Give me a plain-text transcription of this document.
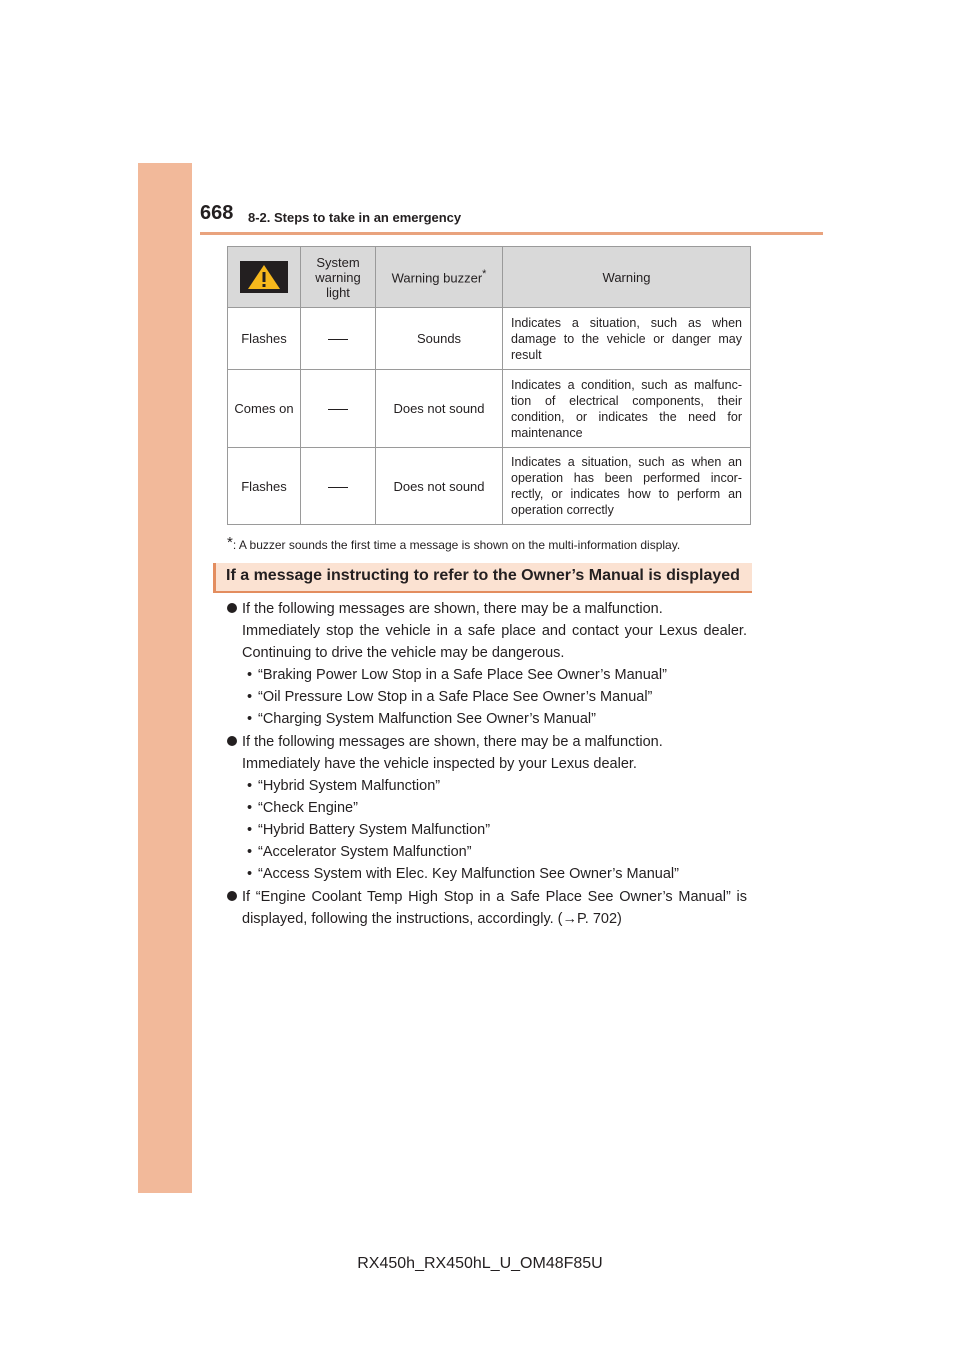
668 8-2. Steps to take in an emergency
	System warning light	Warning buzzer*	Warning
Flashes		Sounds	Indicates a situation, such as when damage to the vehicle or danger may result
Comes on		Does not sound	Indicates a condition, such as malfunc- tion of electrical components, their condition, or indicates the need for maintenance
Flashes		Does not sound	Indicates a situation, such as when an operation has been performed incor- rectly, or indicates how to perform an operation correctly
*: A buzzer sounds the first time a message is shown on the multi-information display.
If a message instructing to refer to the Owner’s Manual is displayed
If the following messages are shown, there may be a malfunction.
Immediately stop the vehicle in a safe place and contact your Lexus dealer. Continuing to drive the vehicle may be dangerous.
• “Braking Power Low Stop in a Safe Place See Owner’s Manual”
• “Oil Pressure Low Stop in a Safe Place See Owner’s Manual”
• “Charging System Malfunction See Owner’s Manual”
If the following messages are shown, there may be a malfunction.
Immediately have the vehicle inspected by your Lexus dealer.
• “Hybrid System Malfunction”
• “Check Engine”
• “Hybrid Battery System Malfunction”
• “Accelerator System Malfunction”
• “Access System with Elec. Key Malfunction See Owner’s Manual”
If “Engine Coolant Temp High Stop in a Safe Place See Owner’s Manual” is displayed, following the instructions, accordingly. (→P. 702)
RX450h_RX450hL_U_OM48F85U
